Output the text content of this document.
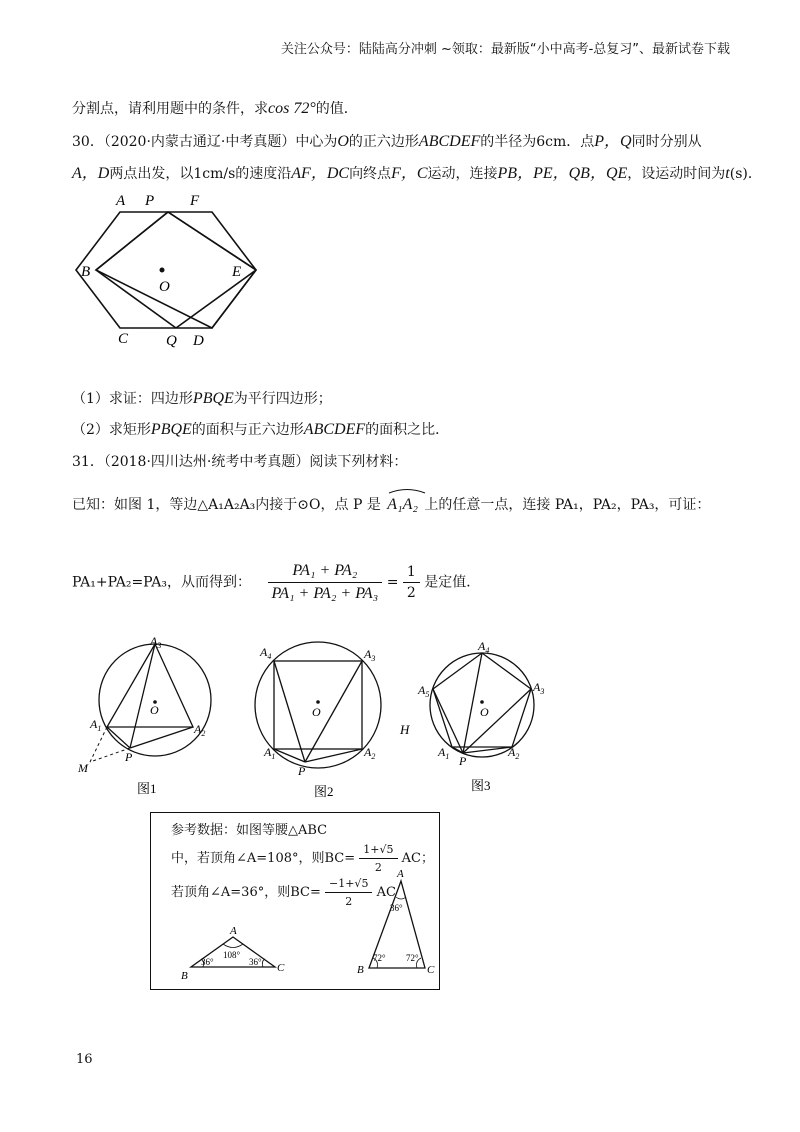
关注公众号：陆陆高分冲刺 ~领取：最新版“小中高考-总复习”、最新试卷下载
分割点，请利用题中的条件，求cos 72°的值．
30．（2020·内蒙古通辽·中考真题）中心为O的正六边形ABCDEF的半径为6cm．点P，Q同时分别从
A，D两点出发，以1cm/s的速度沿AF，DC向终点F，C运动，连接PB，PE，QB，QE，设运动时间为t(s)．
A P F
B	E
O
C	Q D
（1）求证：四边形PBQE为平行四边形；
（2）求矩形PBQE的面积与正六边形ABCDEF的面积之比．
31．（2018·四川达州·统考中考真题）阅读下列材料：
已知：如图 1，等边△A₁A₂A₃内接于⊙O，点 P 是 A₁A₂ 上的任意一点，连接 PA₁，PA₂，PA₃，可证：
PA₁+PA₂=PA₃，从而得到： $\frac{\text{PA₁ + PA₂}}{\text{PA₁ + PA₂ + PA₃}} = \frac{1}{2}$ 是定值．
$A_3$
O
$A_1$	$A_2$
P
M
$A_4$	$A_3$
O
$A_1$	$A_2$
P
H
$A_4$
$A_3$
$A_5$
O
$A_1$	$A_2$
P
图1	图2	图3
参考数据：如图等腰△ABC
中，若顶角∠A=108°，则$BC= \frac{1+√5}{2}$ AC；
若顶角∠A=36°，则$BC= \frac{-1+√5}{2}$ AC
A
108°
36°	36°
B
C
A
36°
72° 72°
B	C
16
